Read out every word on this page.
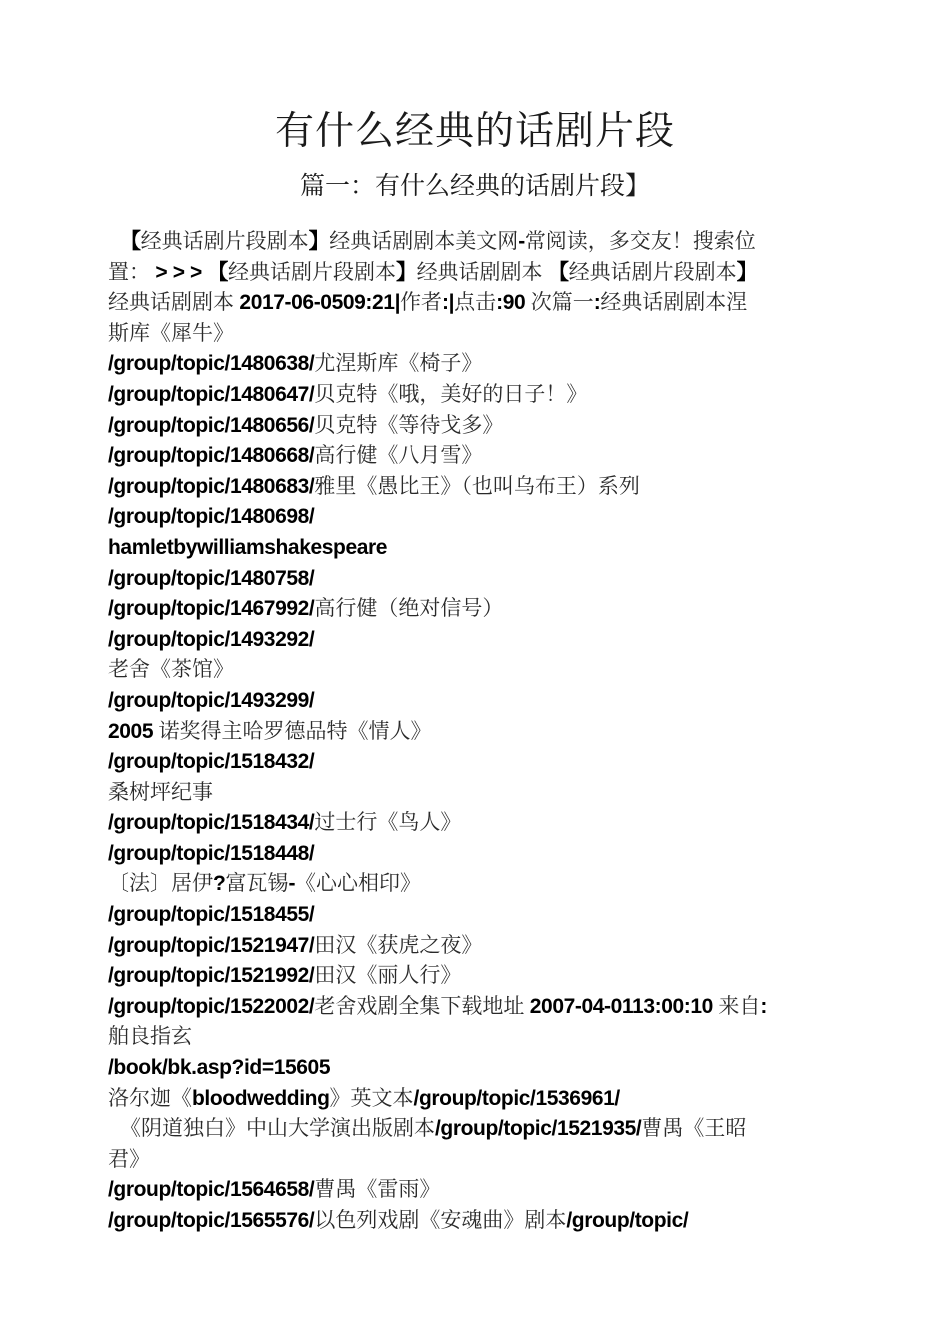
有什么经典的话剧片段
篇一：有什么经典的话剧片段】
【经典话剧片段剧本】经典话剧剧本美文网-常阅读，多交友！搜索位
置： > > > 【经典话剧片段剧本】经典话剧剧本 【经典话剧片段剧本】
经典话剧剧本 2017-06-0509:21|作者:|点击:90 次篇一:经典话剧剧本涅
斯库《犀牛》
/group/topic/1480638/尤涅斯库《椅子》
/group/topic/1480647/贝克特《哦，美好的日子！》
/group/topic/1480656/贝克特《等待戈多》
/group/topic/1480668/高行健《八月雪》
/group/topic/1480683/雅里《愚比王》（也叫乌布王）系列
/group/topic/1480698/
hamletbywilliamshakespeare
/group/topic/1480758/
/group/topic/1467992/高行健（绝对信号）
/group/topic/1493292/
老舍《茶馆》
/group/topic/1493299/
2005 诺奖得主哈罗德品特《情人》
/group/topic/1518432/
桑树坪纪事
/group/topic/1518434/过士行《鸟人》
/group/topic/1518448/
〔法〕居伊?富瓦锡-《心心相印》
/group/topic/1518455/
/group/topic/1521947/田汉《获虎之夜》
/group/topic/1521992/田汉《丽人行》
/group/topic/1522002/老舍戏剧全集下载地址 2007-04-0113:00:10 来自:
舶良指玄
/book/bk.asp?id=15605
洛尔迦《bloodwedding》英文本/group/topic/1536961/
《阴道独白》中山大学演出版剧本/group/topic/1521935/曹禺《王昭
君》
/group/topic/1564658/曹禺《雷雨》
/group/topic/1565576/以色列戏剧《安魂曲》剧本/group/topic/
